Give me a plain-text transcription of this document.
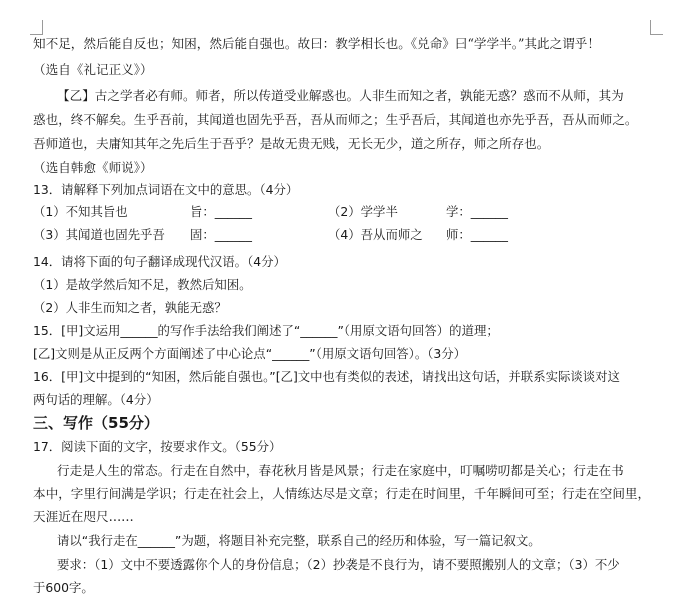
知不足，然后能自反也；知困，然后能自强也。故曰：教学相长也。《兑命》曰“学学半。”其此之谓乎！
（选自《礼记正义》）
【乙】古之学者必有师。师者，所以传道受业解惑也。人非生而知之者，孰能无惑？惑而不从师，其为
惑也，终不解矣。生乎吾前，其闻道也固先乎吾，吾从而师之；生乎吾后，其闻道也亦先乎吾，吾从而师之。
吾师道也，夫庸知其年之先后生于吾乎？是故无贵无贱，无长无少，道之所存，师之所存也。
（选自韩愈《师说》）
13．请解释下列加点词语在文中的意思。（4分）
（1）不知其旨也	旨：______	（2）学学半	学：______
（3）其闻道也固先乎吾 固：______	（4）吾从而师之 师：______
14．请将下面的句子翻译成现代汉语。（4分）
（1）是故学然后知不足，教然后知困。
（2）人非生而知之者，孰能无惑？
15．[甲]文运用______的写作手法给我们阐述了“______”（用原文语句回答）的道理；
[乙]文则是从正反两个方面阐述了中心论点“______”（用原文语句回答）。（3分）
16．[甲]文中提到的“知困，然后能自强也。”[乙]文中也有类似的表述，请找出这句话，并联系实际谈谈对这
两句话的理解。（4分）
三、写作（55分）
17．阅读下面的文字，按要求作文。（55分）
行走是人生的常态。行走在自然中，春花秋月皆是风景；行走在家庭中，叮嘱唠叨都是关心；行走在书
本中，字里行间满是学识；行走在社会上，人情练达尽是文章；行走在时间里，千年瞬间可至；行走在空间里，
天涯近在咫尺……
请以“我行走在______”为题，将题目补充完整，联系自己的经历和体验，写一篇记叙文。
要求：（1）文中不要透露你个人的身份信息；（2）抄袭是不良行为，请不要照搬别人的文章；（3）不少
于600字。
